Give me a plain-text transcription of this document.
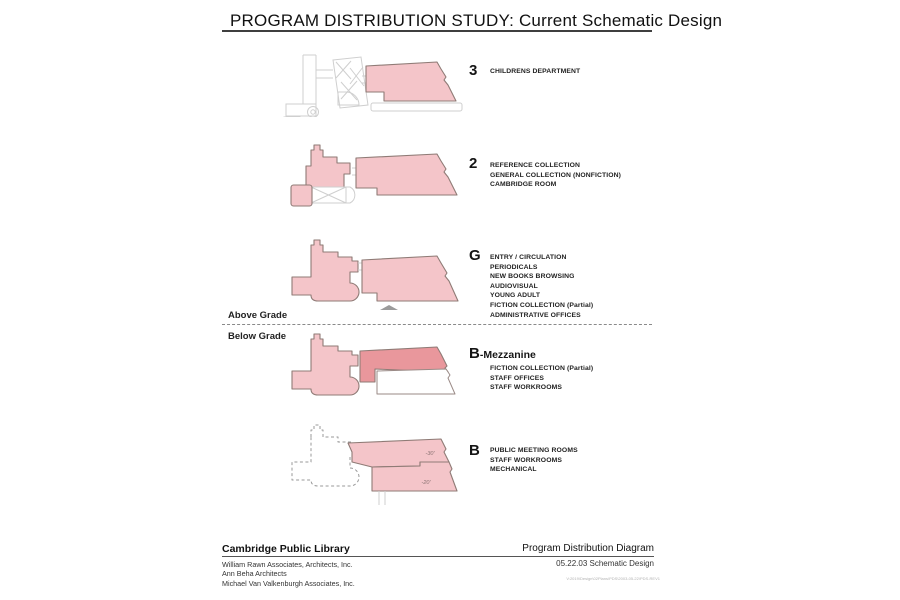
PROGRAM DISTRIBUTION STUDY: Current Schematic Design
3 CHILDRENS DEPARTMENT
2 REFERENCE COLLECTION
GENERAL COLLECTION (NONFICTION)
CAMBRIDGE ROOM
G ENTRY / CIRCULATION
PERIODICALS
NEW BOOKS BROWSING
AUDIOVISUAL
YOUNG ADULT
FICTION COLLECTION (Partial)
ADMINISTRATIVE OFFICES
Above Grade
Below Grade
B-Mezzanine
FICTION COLLECTION (Partial)
STAFF OFFICES
STAFF WORKROOMS
-30'
-20'
B PUBLIC MEETING ROOMS
STAFF WORKROOMS
MECHANICAL
Cambridge Public Library	Program Distribution Diagram
William Rawn Associates, Architects, Inc.
Ann Beha Architects
Michael Van Valkenburgh Associates, Inc.
05.22.03 Schematic Design
V:2019\Design\02Plans\PDS\2003-05-22\PDS-REV1
